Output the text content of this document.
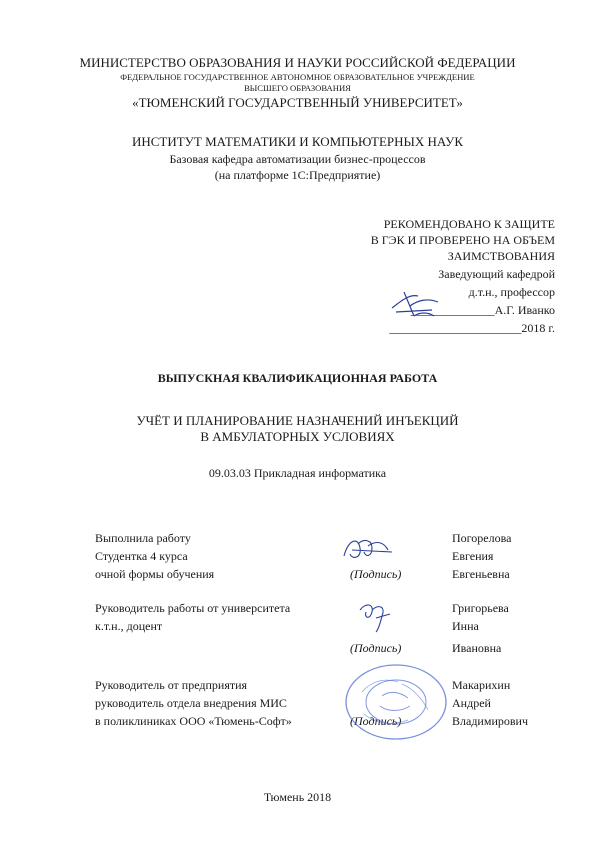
МИНИСТЕРСТВО ОБРАЗОВАНИЯ И НАУКИ РОССИЙСКОЙ ФЕДЕРАЦИИ
ФЕДЕРАЛЬНОЕ ГОСУДАРСТВЕННОЕ АВТОНОМНОЕ ОБРАЗОВАТЕЛЬНОЕ УЧРЕЖДЕНИЕ
ВЫСШЕГО ОБРАЗОВАНИЯ
«ТЮМЕНСКИЙ ГОСУДАРСТВЕННЫЙ УНИВЕРСИТЕТ»
ИНСТИТУТ МАТЕМАТИКИ И КОМПЬЮТЕРНЫХ НАУК
Базовая кафедра автоматизации бизнес-процессов
(на платформе 1С:Предприятие)
РЕКОМЕНДОВАНО К ЗАЩИТЕ
В ГЭК И ПРОВЕРЕНО НА ОБЪЕМ
ЗАИМСТВОВАНИЯ
Заведующий кафедрой
д.т.н., профессор
______________А.Г. Иванко
______________________2018 г.
ВЫПУСКНАЯ КВАЛИФИКАЦИОННАЯ РАБОТА
УЧЁТ И ПЛАНИРОВАНИЕ НАЗНАЧЕНИЙ ИНЪЕКЦИЙ
В АМБУЛАТОРНЫХ УСЛОВИЯХ
09.03.03 Прикладная информатика
Выполнила работу
Студентка 4 курса
очной формы обучения	(Подпись)
Погорелова
Евгения
Евгеньевна
Руководитель работы от университета
к.т.н., доцент
(Подпись)
Григорьева
Инна
Ивановна
Руководитель от предприятия
руководитель отдела внедрения МИС
в поликлиниках ООО «Тюмень-Софт»	(Подпись)
Макарихин
Андрей
Владимирович
Тюмень 2018
